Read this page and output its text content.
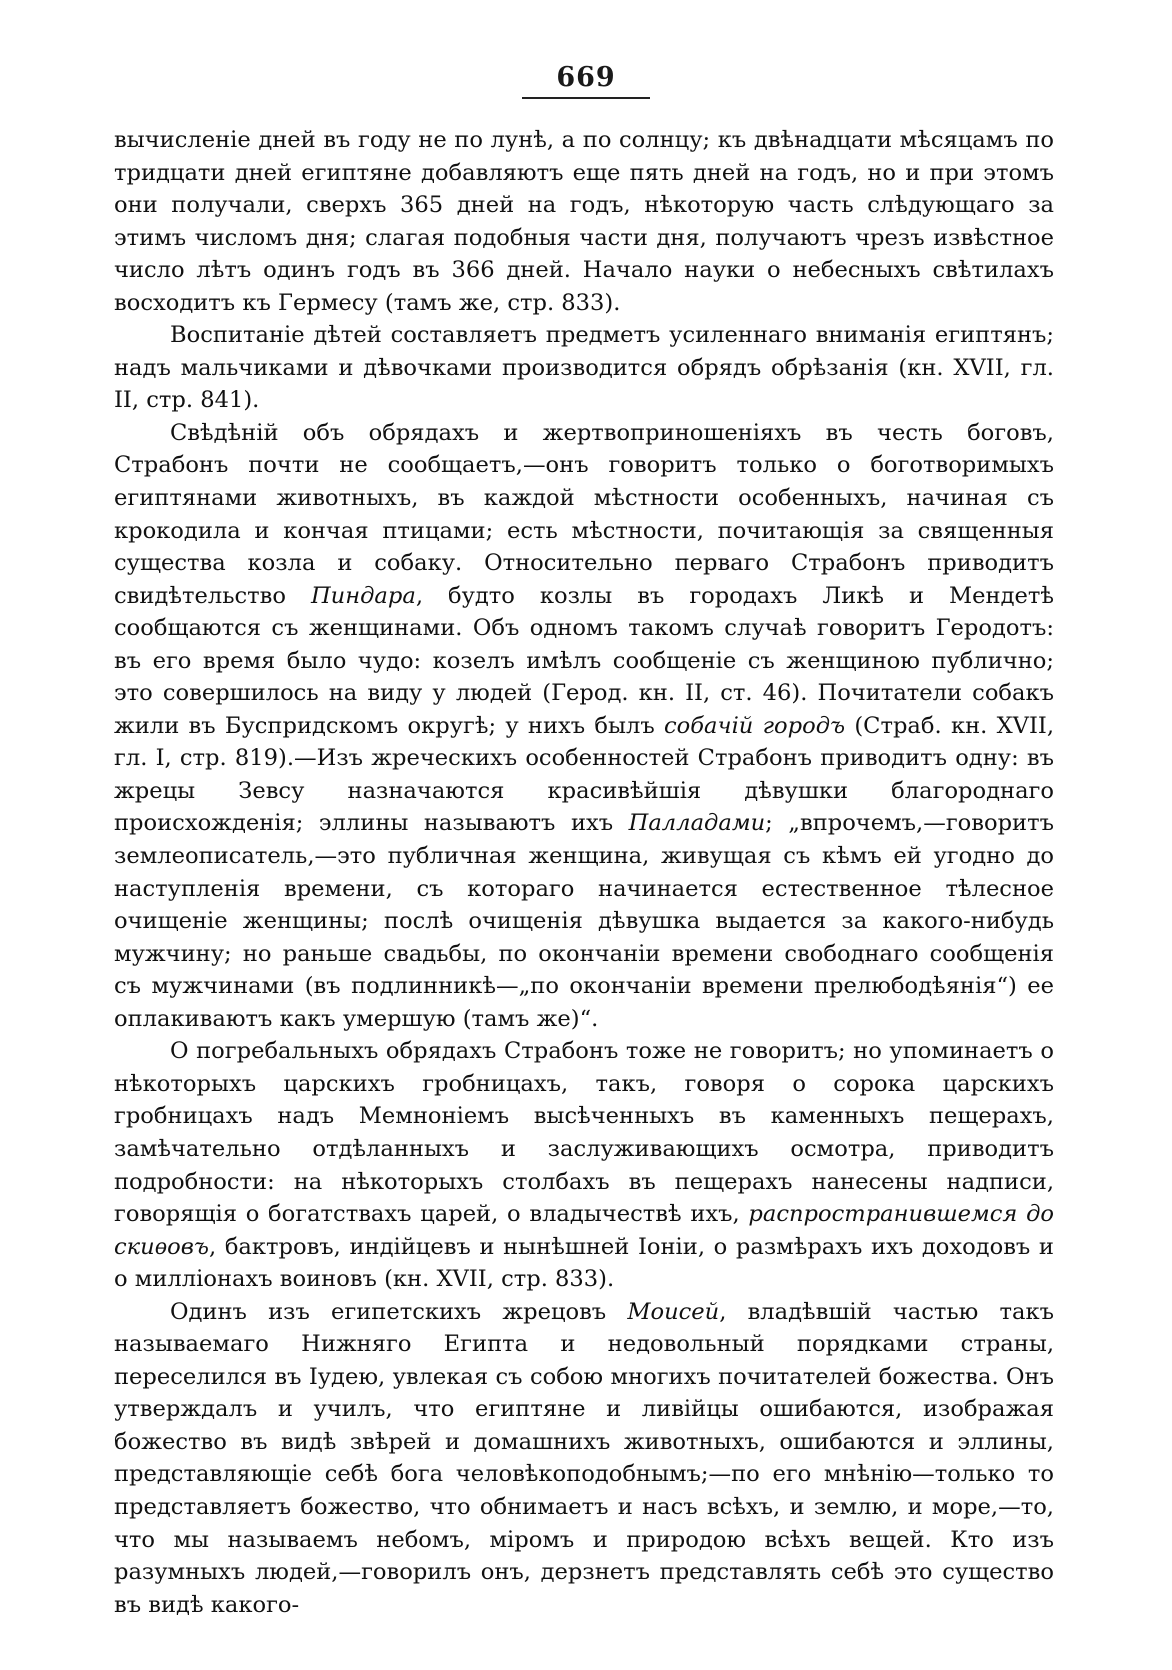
669

вычисленіе дней въ году не по лунѣ, а по солнцу; къ двѣнадцати мѣсяцамъ по тридцати дней египтяне добавляютъ еще пять дней на годъ, но и при этомъ они получали, сверхъ 365 дней на годъ, нѣкоторую часть слѣдующаго за этимъ числомъ дня; слагая подобныя части дня, получаютъ чрезъ извѣстное число лѣтъ одинъ годъ въ 366 дней. Начало науки о небесныхъ свѣтилахъ восходитъ къ Гермесу (тамъ же, стр. 833).

Воспитаніе дѣтей составляетъ предметъ усиленнаго вниманія египтянъ; надъ мальчиками и дѣвочками производится обрядъ обрѣзанія (кн. XVII, гл. II, стр. 841).

Свѣдѣній объ обрядахъ и жертвоприношеніяхъ въ честь боговъ, Страбонъ почти не сообщаетъ,—онъ говоритъ только о боготворимыхъ египтянами животныхъ, въ каждой мѣстности особенныхъ, начиная съ крокодила и кончая птицами; есть мѣстности, почитающія за священныя существа козла и собаку. Относительно перваго Страбонъ приводитъ свидѣтельство Пиндара, будто козлы въ городахъ Ликѣ и Мендетѣ сообщаются съ женщинами. Объ одномъ такомъ случаѣ говоритъ Геродотъ: въ его время было чудо: козелъ имѣлъ сообщеніе съ женщиною публично; это совершилось на виду у людей (Герод. кн. II, ст. 46). Почитатели собакъ жили въ Буспридскомъ округѣ; у нихъ былъ собачій городъ (Страб. кн. XVII, гл. I, стр. 819).—Изъ жреческихъ особенностей Страбонъ приводитъ одну: въ жрецы Зевсу назначаются красивѣйшія дѣвушки благороднаго происхожденія; эллины называютъ ихъ Палладами; „впрочемъ,—говоритъ землеописатель,—это публичная женщина, живущая съ кѣмъ ей угодно до наступленія времени, съ котораго начинается естественное тѣлесное очищеніе женщины; послѣ очищенія дѣвушка выдается за какого-нибудь мужчину; но раньше свадьбы, по окончаніи времени свободнаго сообщенія съ мужчинами (въ подлинникѣ—„по окончаніи времени прелюбодѣянія“) ее оплакиваютъ какъ умершую (тамъ же)“.

О погребальныхъ обрядахъ Страбонъ тоже не говоритъ; но упоминаетъ о нѣкоторыхъ царскихъ гробницахъ, такъ, говоря о сорока царскихъ гробницахъ надъ Мемноніемъ высѣченныхъ въ каменныхъ пещерахъ, замѣчательно отдѣланныхъ и заслуживающихъ осмотра, приводитъ подробности: на нѣкоторыхъ столбахъ въ пещерахъ нанесены надписи, говорящія о богатствахъ царей, о владычествѣ ихъ, распространившемся до скиѳовъ, бактровъ, индійцевъ и нынѣшней Іоніи, о размѣрахъ ихъ доходовъ и о милліонахъ воиновъ (кн. XVII, стр. 833).

Одинъ изъ египетскихъ жрецовъ Моисей, владѣвшій частью такъ называемаго Нижняго Египта и недовольный порядками страны, переселился въ Іудею, увлекая съ собою многихъ почитателей божества. Онъ утверждалъ и училъ, что египтяне и ливійцы ошибаются, изображая божество въ видѣ звѣрей и домашнихъ животныхъ, ошибаются и эллины, представляющіе себѣ бога человѣкоподобнымъ;—по его мнѣнію—только то представляетъ божество, что обнимаетъ и насъ всѣхъ, и землю, и море,—то, что мы называемъ небомъ, міромъ и природою всѣхъ вещей. Кто изъ разумныхъ людей,—говорилъ онъ, дерзнетъ представлять себѣ это существо въ видѣ какого-
